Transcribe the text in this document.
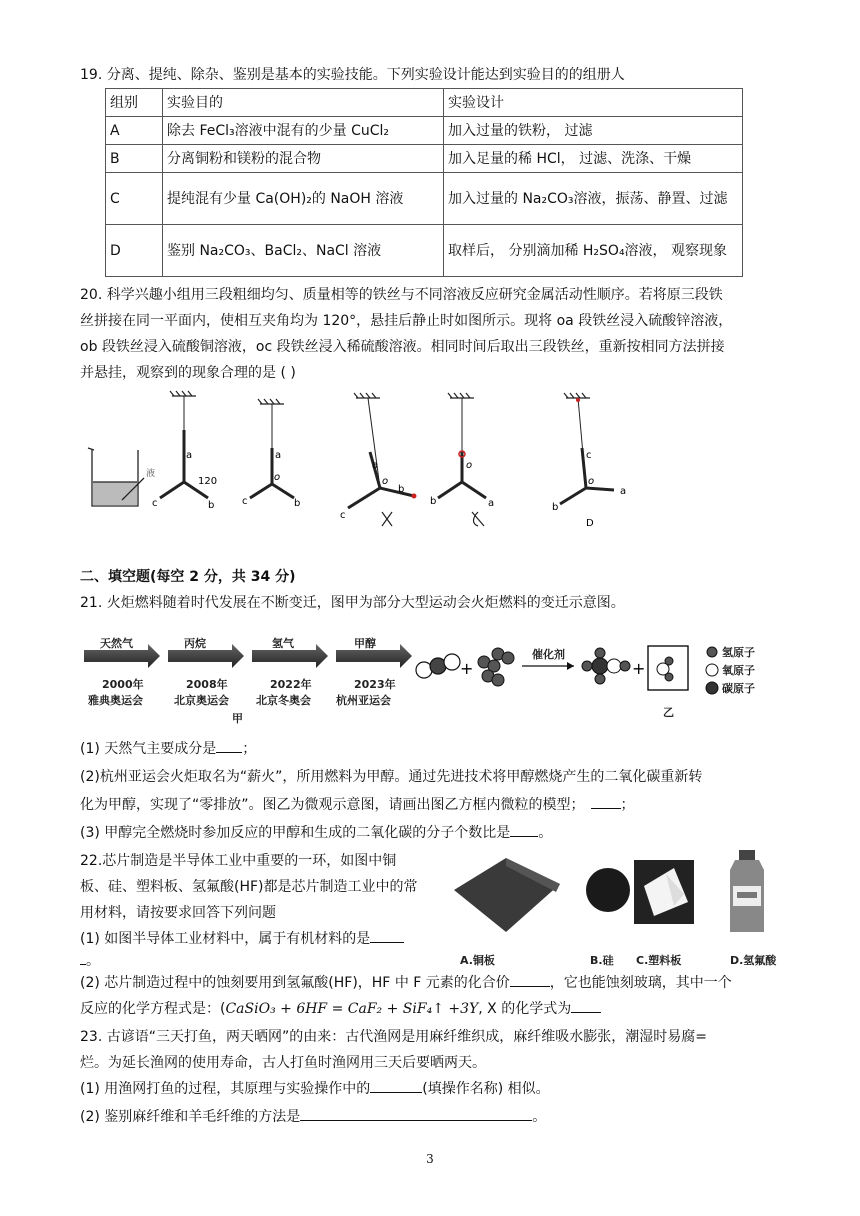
19. 分离、提纯、除杂、鉴别是基本的实验技能。下列实验设计能达到实验目的的组册人
组别	实验目的	实验设计
A	除去 FeCl₃溶液中混有的少量 CuCl₂	加入过量的铁粉， 过滤
B	分离铜粉和镁粉的混合物	加入足量的稀 HCl， 过滤、洗涤、干燥
C	提纯混有少量 Ca(OH)₂的 NaOH 溶液	加入过量的 Na₂CO₃溶液，振荡、静置、过滤
D	鉴别 Na₂CO₃、BaCl₂、NaCl 溶液	取样后， 分别滴加稀 H₂SO₄溶液， 观察现象
20. 科学兴趣小组用三段粗细均匀、质量相等的铁丝与不同溶液反应研究金属活动性顺序。若将原三段铁
丝拼接在同一平面内，使相互夹角均为 120°，悬挂后静止时如图所示。现将 oa 段铁丝浸入硫酸锌溶液，
ob 段铁丝浸入硫酸铜溶液，oc 段铁丝浸入稀硫酸溶液。相同时间后取出三段铁丝，重新按相同方法拼接
并悬挂，观察到的现象合理的是 ( )
液
a
120
c	b
a
o
c	b
a
o
c
b
o
b	a
c
o
b
a
D
二、填空题(每空 2 分，共 34 分)
21. 火炬燃料随着时代发展在不断变迁，图甲为部分大型运动会火炬燃料的变迁示意图。
天然气	丙烷	氢气	甲醇
2000年	2008年	2022年	2023年
雅典奥运会	北京奥运会 北京冬奥会 杭州亚运会
甲
+
催化剂
+
乙
氢原子
氧原子
碳原子
(1) 天然气主要成分是 ；
(2)杭州亚运会火炬取名为“薪火”，所用燃料为甲醇。通过先进技术将甲醇燃烧产生的二氧化碳重新转
化为甲醇，实现了“零排放”。图乙为微观示意图，请画出图乙方框内微粒的模型；	；
(3) 甲醇完全燃烧时参加反应的甲醇和生成的二氧化碳的分子个数比是 。
22.芯片制造是半导体工业中重要的一环，如图中铜
板、硅、塑料板、氢氟酸(HF)都是芯片制造工业中的常
用材料，请按要求回答下列问题
(1) 如图半导体工业材料中，属于有机材料的是
。	A.铜板	B.硅 C.塑料板	D.氢氟酸
(2) 芯片制造过程中的蚀刻要用到氢氟酸(HF)，HF 中 F 元素的化合价	，它也能蚀刻玻璃，其中一个
反应的化学方程式是：(CaSiO₃ + 6HF = CaF₂ + SiF₄↑ +3Y, X 的化学式为
23. 古谚语“三天打鱼，两天晒网”的由来：古代渔网是用麻纤维织成，麻纤维吸水膨张，潮湿时易腐=
烂。为延长渔网的使用寿命，古人打鱼时渔网用三天后要晒两天。
(1) 用渔网打鱼的过程，其原理与实验操作中的	(填操作名称) 相似。
(2) 鉴别麻纤维和羊毛纤维的方法是	。
3
